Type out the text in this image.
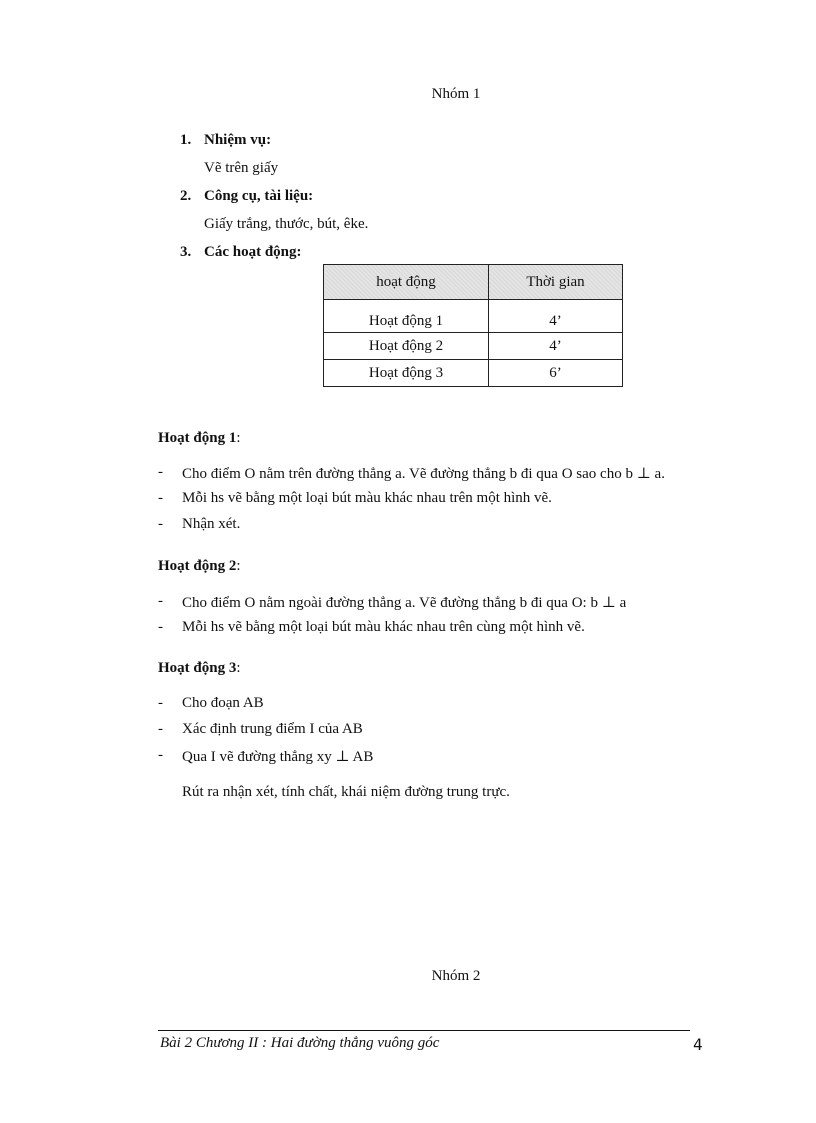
Nhóm 1
1. Nhiệm vụ:
Vẽ trên giấy
2. Công cụ, tài liệu:
Giấy trắng, thước, bút, êke.
3. Các hoạt động:
hoạt động	Thời gian
Hoạt động 1	4’
Hoạt động 2	4’
Hoạt động 3	6’
Hoạt động 1:
- Cho điểm O nằm trên đường thẳng a. Vẽ đường thẳng b đi qua O sao cho b ⊥ a.
- Mỗi hs vẽ bằng một loại bút màu khác nhau trên một hình vẽ.
- Nhận xét.
Hoạt động 2:
- Cho điểm O nằm ngoài đường thẳng a. Vẽ đường thẳng b đi qua O: b ⊥ a
- Mỗi hs vẽ bằng một loại bút màu khác nhau trên cùng một hình vẽ.
Hoạt động 3:
- Cho đoạn AB
- Xác định trung điểm I của AB
- Qua I vẽ đường thẳng xy ⊥ AB
Rút ra nhận xét, tính chất, khái niệm đường trung trực.
Nhóm 2
Bài 2 Chương II : Hai đường thẳng vuông góc	4
